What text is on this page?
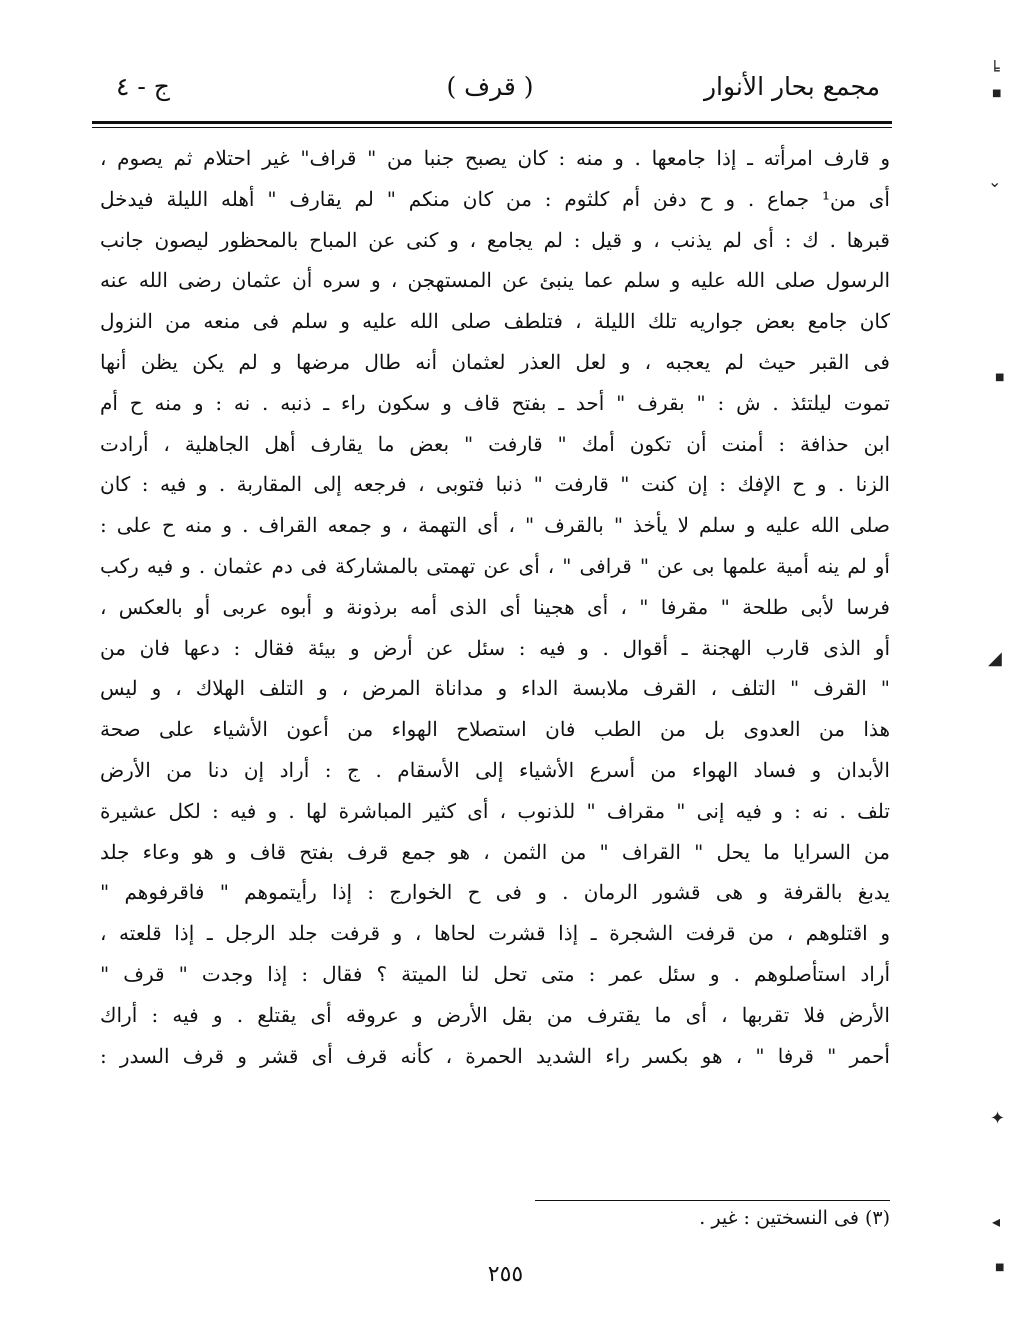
مجمع بحار الأنوار
( قرف )
ج - ٤
و قارف امرأته ـ إذا جامعها . و منه : كان يصبح جنبا من " قراف" غير احتلام ثم يصوم ،
أى من¹ جماع . و ح دفن أم كلثوم : من كان منكم " لم يقارف " أهله الليلة فيدخل
قبرها . ك : أى لم يذنب ، و قيل : لم يجامع ، و كنى عن المباح بالمحظور ليصون جانب
الرسول صلى الله عليه و سلم عما ينبئ عن المستهجن ، و سره أن عثمان رضى الله عنه
كان جامع بعض جواريه تلك الليلة ، فتلطف صلى الله عليه و سلم فى منعه من النزول
فى القبر حيث لم يعجبه ، و لعل العذر لعثمان أنه طال مرضها و لم يكن يظن أنها
تموت ليلتئذ . ش : " بقرف " أحد ـ بفتح قاف و سكون راء ـ ذنبه . نه : و منه ح أم
ابن حذافة : أمنت أن تكون أمك " قارفت " بعض ما يقارف أهل الجاهلية ، أرادت
الزنا . و ح الإفك : إن كنت " قارفت " ذنبا فتوبى ، فرجعه إلى المقاربة . و فيه : كان
صلى الله عليه و سلم لا يأخذ " بالقرف " ، أى التهمة ، و جمعه القراف . و منه ح على :
أو لم ينه أمية علمها بى عن " قرافى " ، أى عن تهمتى بالمشاركة فى دم عثمان . و فيه ركب
فرسا لأبى طلحة " مقرفا " ، أى هجينا أى الذى أمه برذونة و أبوه عربى أو بالعكس ،
أو الذى قارب الهجنة ـ أقوال . و فيه : سئل عن أرض و بيئة فقال : دعها فان من
" القرف " التلف ، القرف ملابسة الداء و مداناة المرض ، و التلف الهلاك ، و ليس
هذا من العدوى بل من الطب فان استصلاح الهواء من أعون الأشياء على صحة
الأبدان و فساد الهواء من أسرع الأشياء إلى الأسقام . ج : أراد إن دنا من الأرض
تلف . نه : و فيه إنى " مقراف " للذنوب ، أى كثير المباشرة لها . و فيه : لكل عشيرة
من السرايا ما يحل " القراف " من الثمن ، هو جمع قرف بفتح قاف و هو وعاء جلد
يدبغ بالقرفة و هى قشور الرمان . و فى ح الخوارج : إذا رأيتموهم " فاقرفوهم "
و اقتلوهم ، من قرفت الشجرة ـ إذا قشرت لحاها ، و قرفت جلد الرجل ـ إذا قلعته ،
أراد استأصلوهم . و سئل عمر : متى تحل لنا الميتة ؟ فقال : إذا وجدت " قرف "
الأرض فلا تقربها ، أى ما يقترف من بقل الأرض و عروقه أى يقتلع . و فيه : أراك
أحمر " قرفا " ، هو بكسر راء الشديد الحمرة ، كأنه قرف أى قشر و قرف السدر :
(٣) فى النسختين : غير .
٢٥٥
╘
■
⌄
■
◢
✦
◂
■
